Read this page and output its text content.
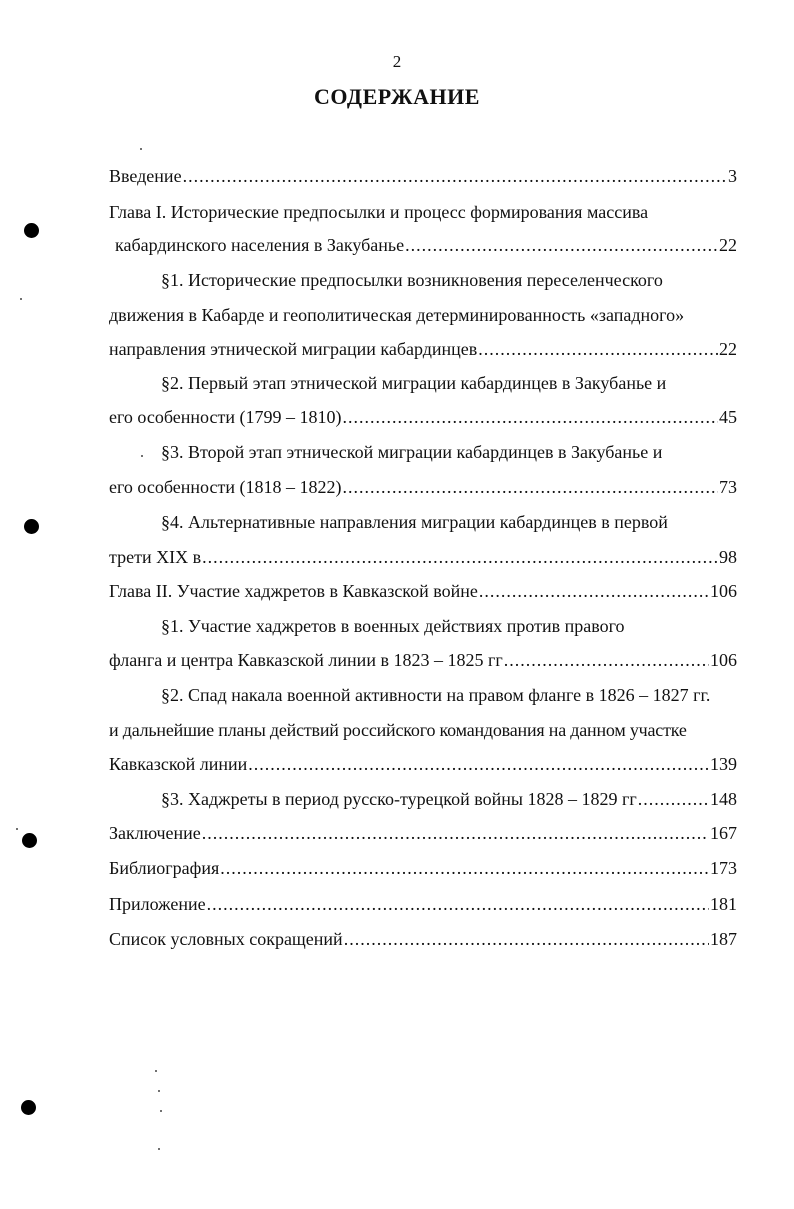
2
СОДЕРЖАНИЕ
Введение .....	3
Глава I. Исторические предпосылки и процесс формирования массива
кабардинского населения в Закубанье .....	22
§1. Исторические предпосылки возникновения переселенческого
движения в Кабарде и геополитическая детерминированность «западного»
направления этнической миграции кабардинцев .....	22
§2. Первый этап этнической миграции кабардинцев в Закубанье и
его особенности (1799 – 1810) .....	45
§3. Второй этап этнической миграции кабардинцев в Закубанье и
его особенности (1818 – 1822) .....	73
§4. Альтернативные направления миграции кабардинцев в первой
трети XIX в .....	98
Глава II. Участие хаджретов в Кавказской войне .....	106
§1. Участие хаджретов в военных действиях против правого
фланга и центра Кавказской линии в 1823 – 1825 гг .....	106
§2. Спад накала военной активности на правом фланге в 1826 – 1827 гг.
и дальнейшие планы действий российского командования на данном участке
Кавказской линии .....	139
§3. Хаджреты в период русско-турецкой войны 1828 – 1829 гг .....	148
Заключение .....	167
Библиография .....	173
Приложение .....	181
Список условных сокращений .....	187
